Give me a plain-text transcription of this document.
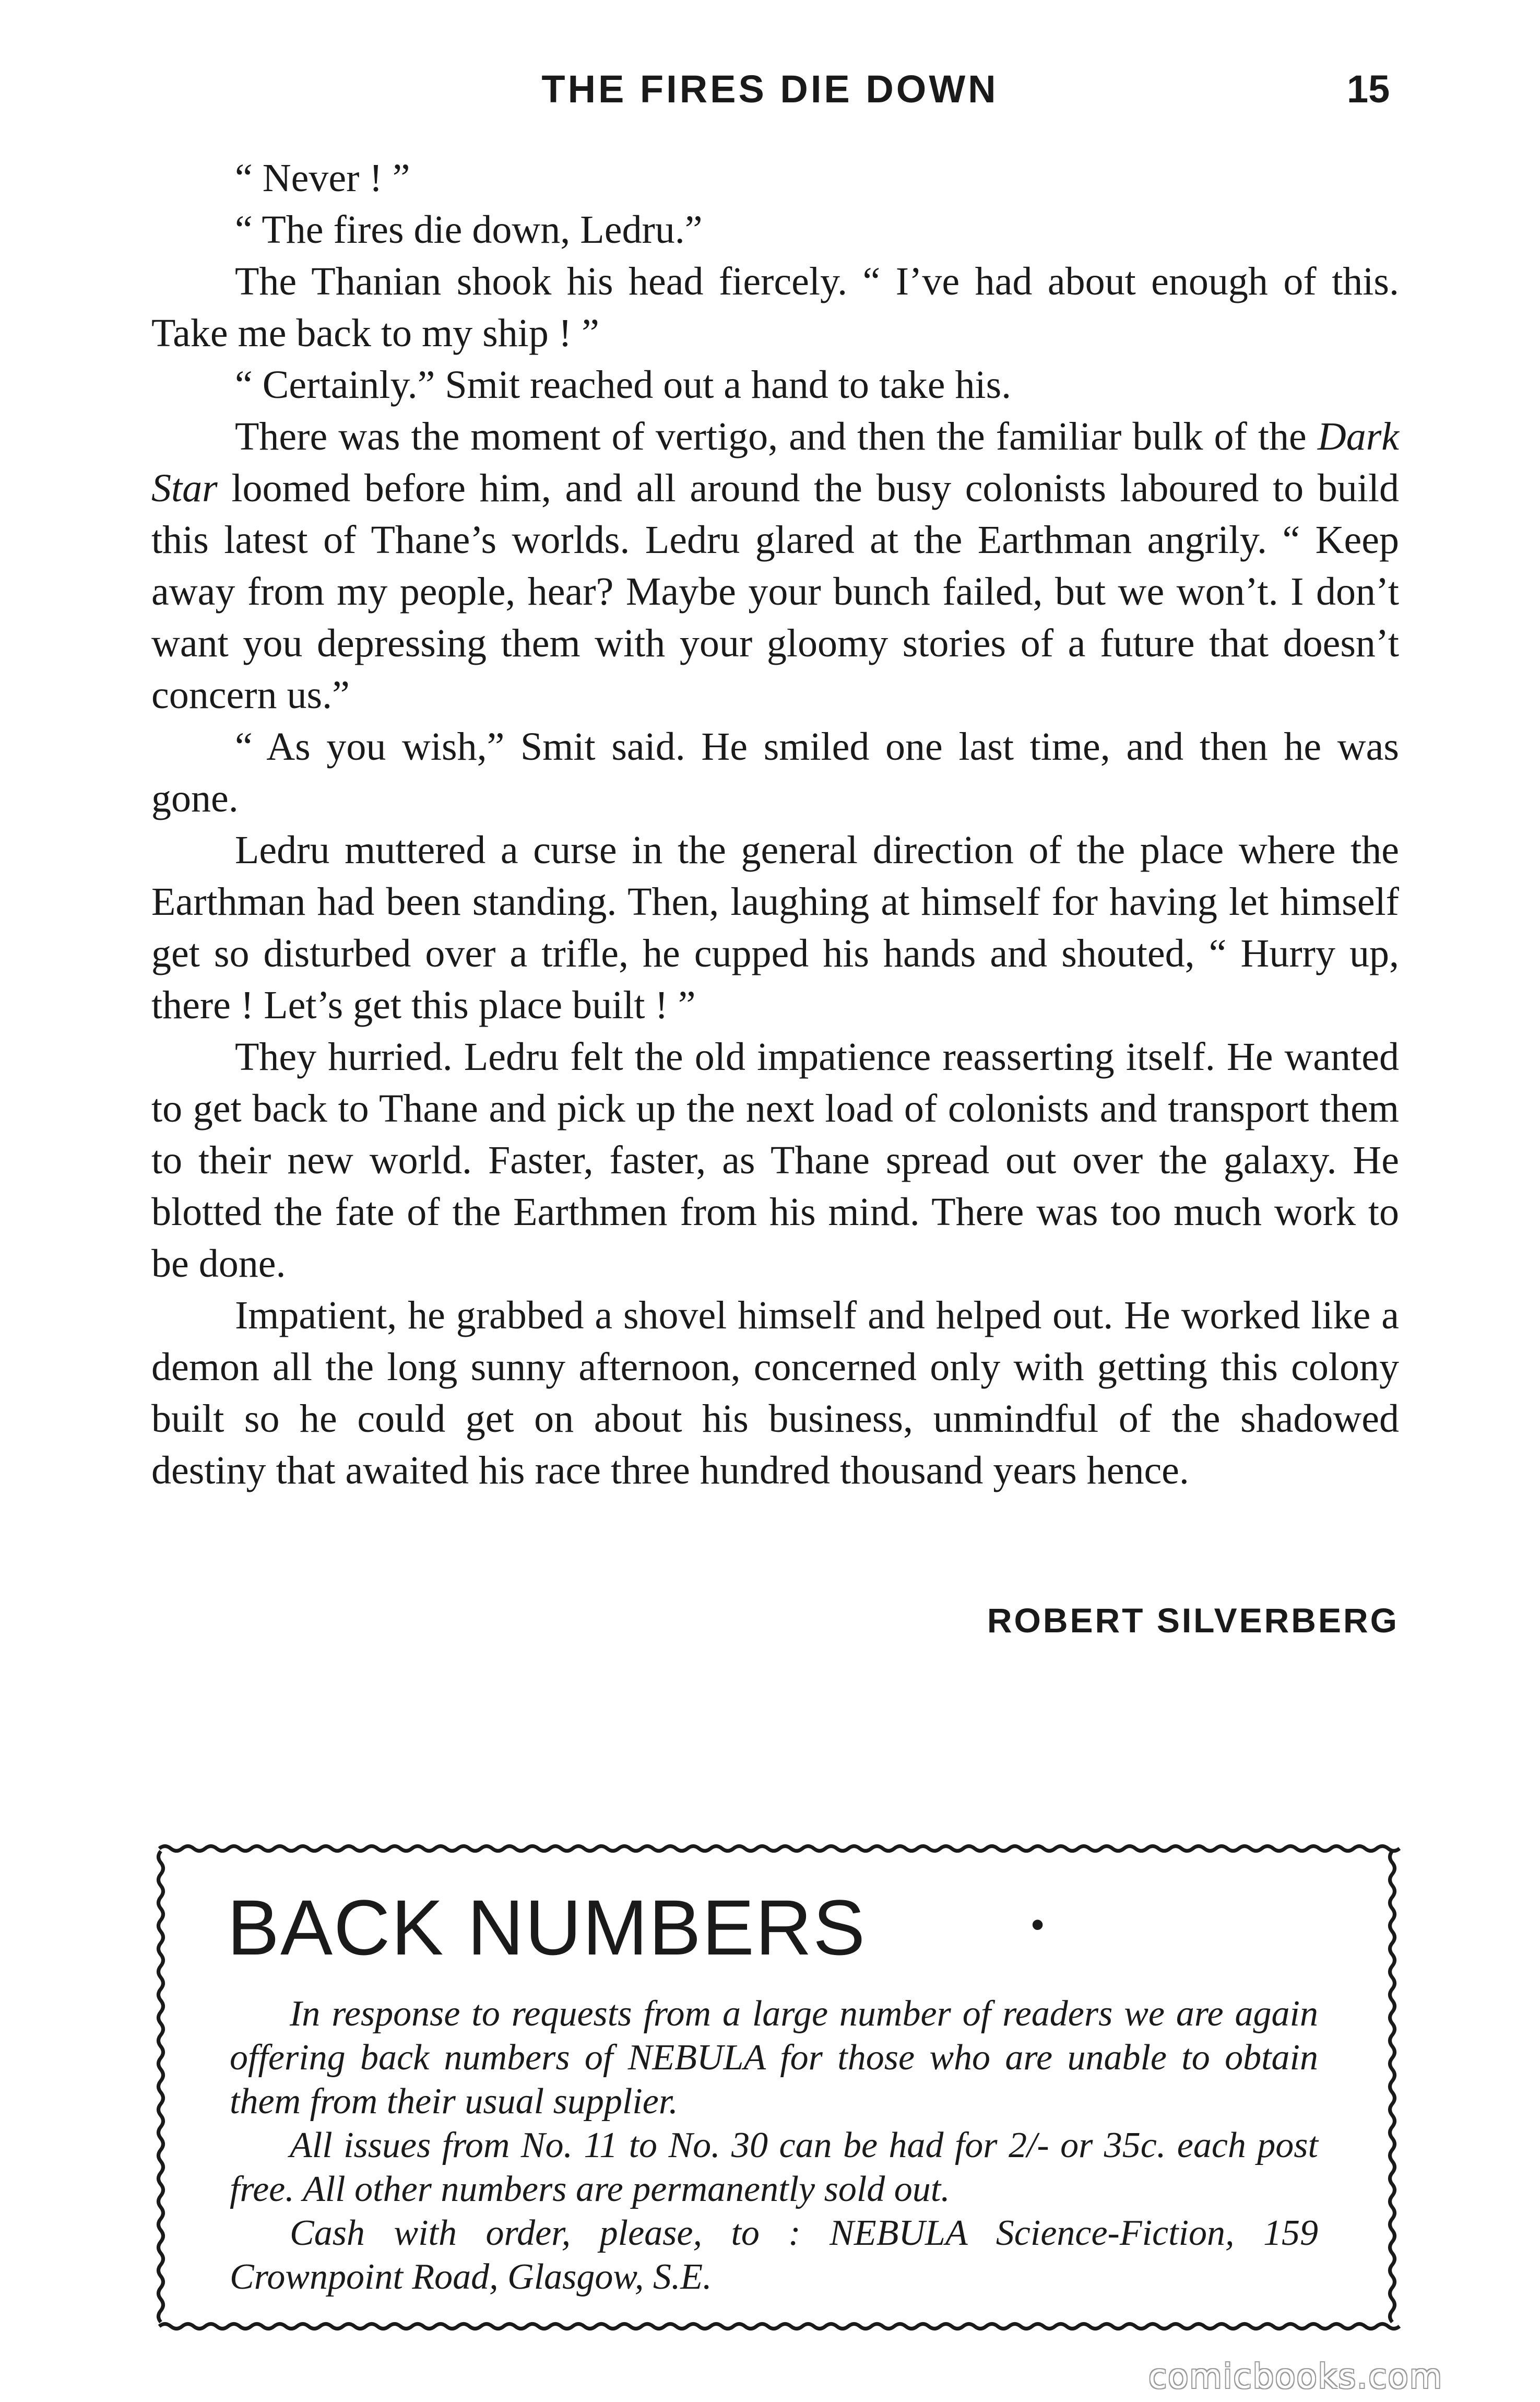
THE FIRES DIE DOWN	15

“ Never ! ”

“ The fires die down, Ledru.”

The Thanian shook his head fiercely. “ I’ve had about enough of this. Take me back to my ship ! ”

“ Certainly.” Smit reached out a hand to take his.

There was the moment of vertigo, and then the familiar bulk of the Dark Star loomed before him, and all around the busy colonists laboured to build this latest of Thane’s worlds. Ledru glared at the Earthman angrily. “ Keep away from my people, hear? Maybe your bunch failed, but we won’t. I don’t want you depressing them with your gloomy stories of a future that doesn’t concern us.”

“ As you wish,” Smit said. He smiled one last time, and then he was gone.

Ledru muttered a curse in the general direction of the place where the Earthman had been standing. Then, laughing at himself for having let himself get so disturbed over a trifle, he cupped his hands and shouted, “ Hurry up, there ! Let’s get this place built ! ”

They hurried. Ledru felt the old impatience reasserting itself. He wanted to get back to Thane and pick up the next load of colonists and transport them to their new world. Faster, faster, as Thane spread out over the galaxy. He blotted the fate of the Earthmen from his mind. There was too much work to be done.

Impatient, he grabbed a shovel himself and helped out. He worked like a demon all the long sunny afternoon, concerned only with getting this colony built so he could get on about his business, unmindful of the shadowed destiny that awaited his race three hundred thousand years hence.

ROBERT SILVERBERG
BACK NUMBERS	•

In response to requests from a large number of readers we are again offering back numbers of NEBULA for those who are unable to obtain them from their usual supplier.

All issues from No. 11 to No. 30 can be had for 2/- or 35c. each post free. All other numbers are permanently sold out.

Cash with order, please, to : NEBULA Science-Fiction, 159 Crownpoint Road, Glasgow, S.E.

comicbooks.com
